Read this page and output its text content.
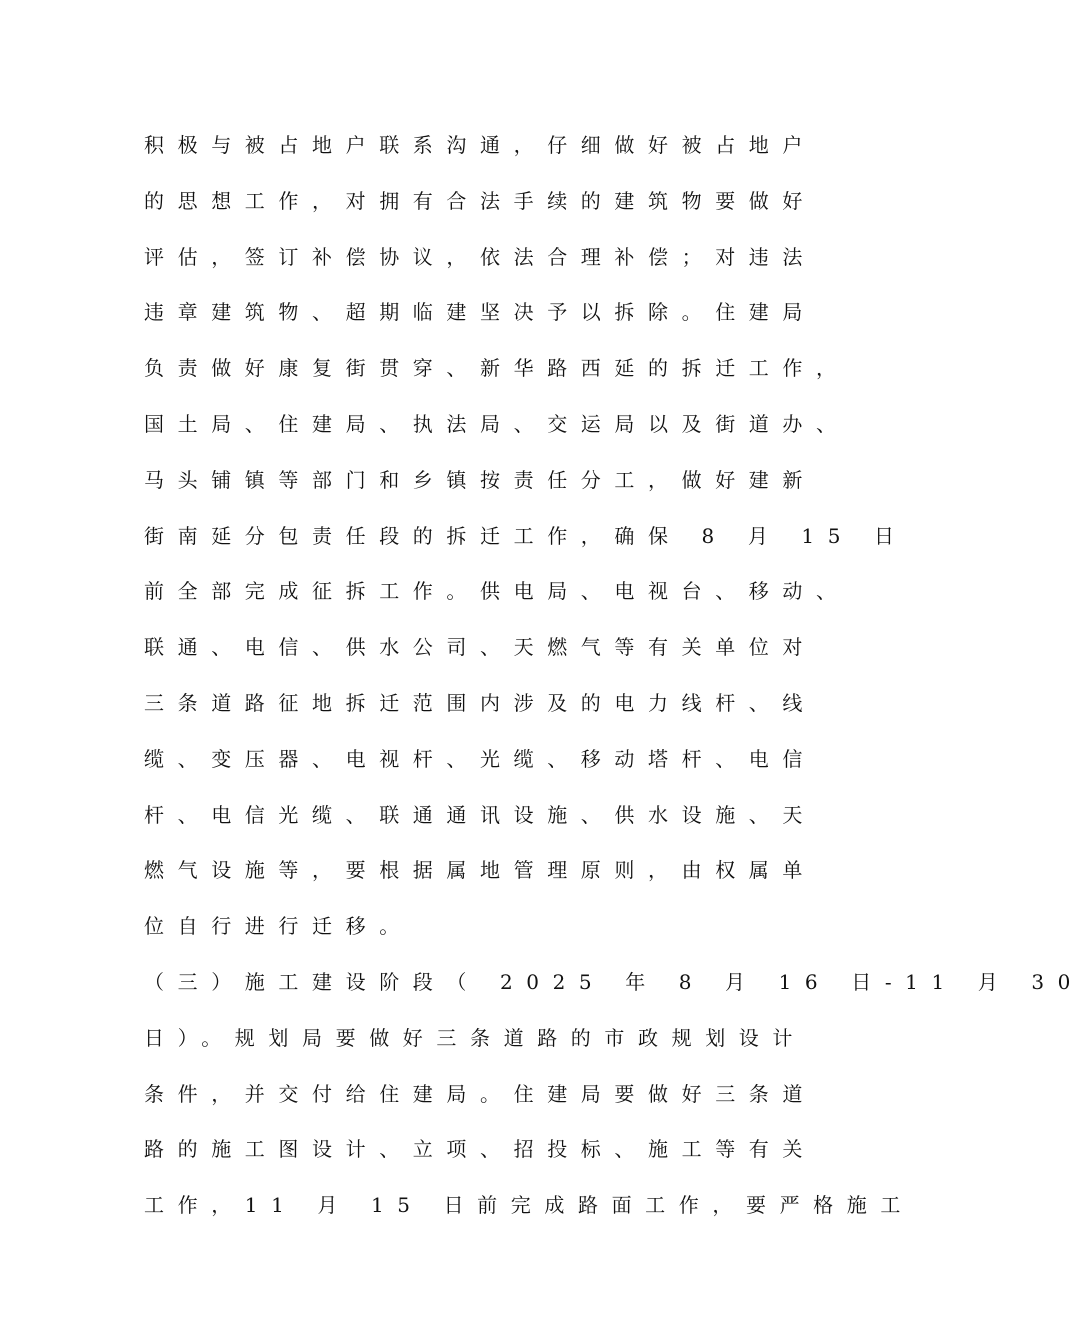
积极与被占地户联系沟通，仔细做好被占地户
的思想工作，对拥有合法手续的建筑物要做好
评估，签订补偿协议，依法合理补偿；对违法
违章建筑物、超期临建坚决予以拆除。住建局
负责做好康复街贯穿、新华路西延的拆迁工作，
国土局、住建局、执法局、交运局以及街道办、
马头铺镇等部门和乡镇按责任分工，做好建新
街南延分包责任段的拆迁工作，确保 8 月 15 日
前全部完成征拆工作。供电局、电视台、移动、
联通、电信、供水公司、天燃气等有关单位对
三条道路征地拆迁范围内涉及的电力线杆、线
缆、变压器、电视杆、光缆、移动塔杆、电信
杆、电信光缆、联通通讯设施、供水设施、天
燃气设施等，要根据属地管理原则，由权属单
位自行进行迁移。
（三）施工建设阶段（ 2025 年 8 月 16 日-11 月 30
日）。规划局要做好三条道路的市政规划设计
条件，并交付给住建局。住建局要做好三条道
路的施工图设计、立项、招投标、施工等有关
工作，11 月 15 日前完成路面工作，要严格施工
